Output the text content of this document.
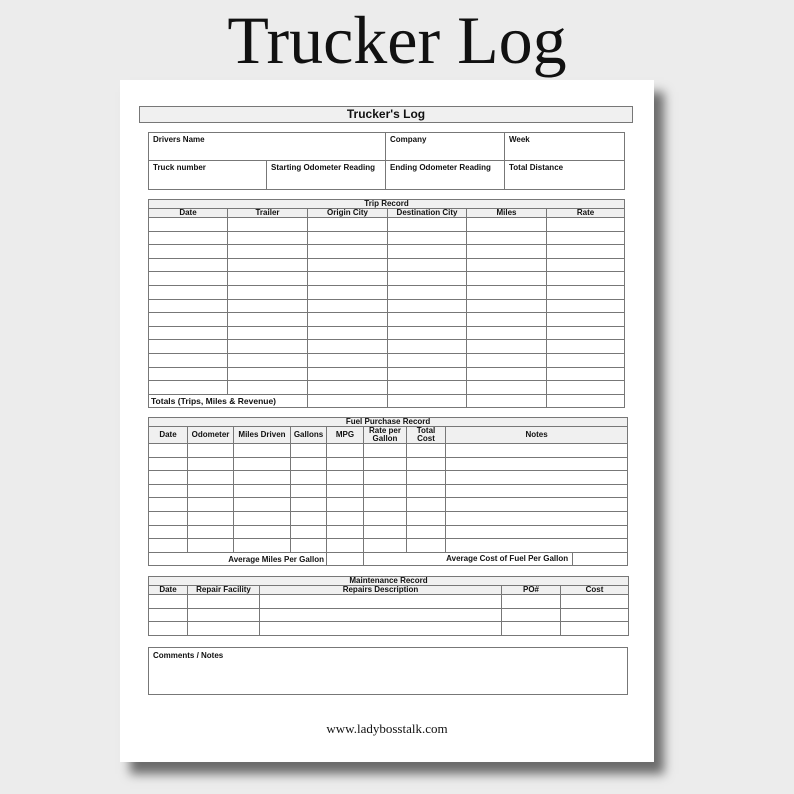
Trucker Log
Trucker's Log
Drivers Name		Company	Week
Truck number	Starting Odometer Reading	Ending Odometer Reading	Total Distance
Trip Record					
Date	Trailer	Origin City	Destination City	Miles	Rate

Totals (Trips, Miles & Revenue)					
Fuel Purchase Record							
Date	Odometer	Miles Driven	Gallons	MPG	Rate per Gallon	Total Cost	Notes

Average Miles Per Gallon					Average Cost of Fuel Per Gallon		
Maintenance Record				
Date	Repair Facility	Repairs Description	PO#	Cost

Comments / Notes
www.ladybosstalk.com
